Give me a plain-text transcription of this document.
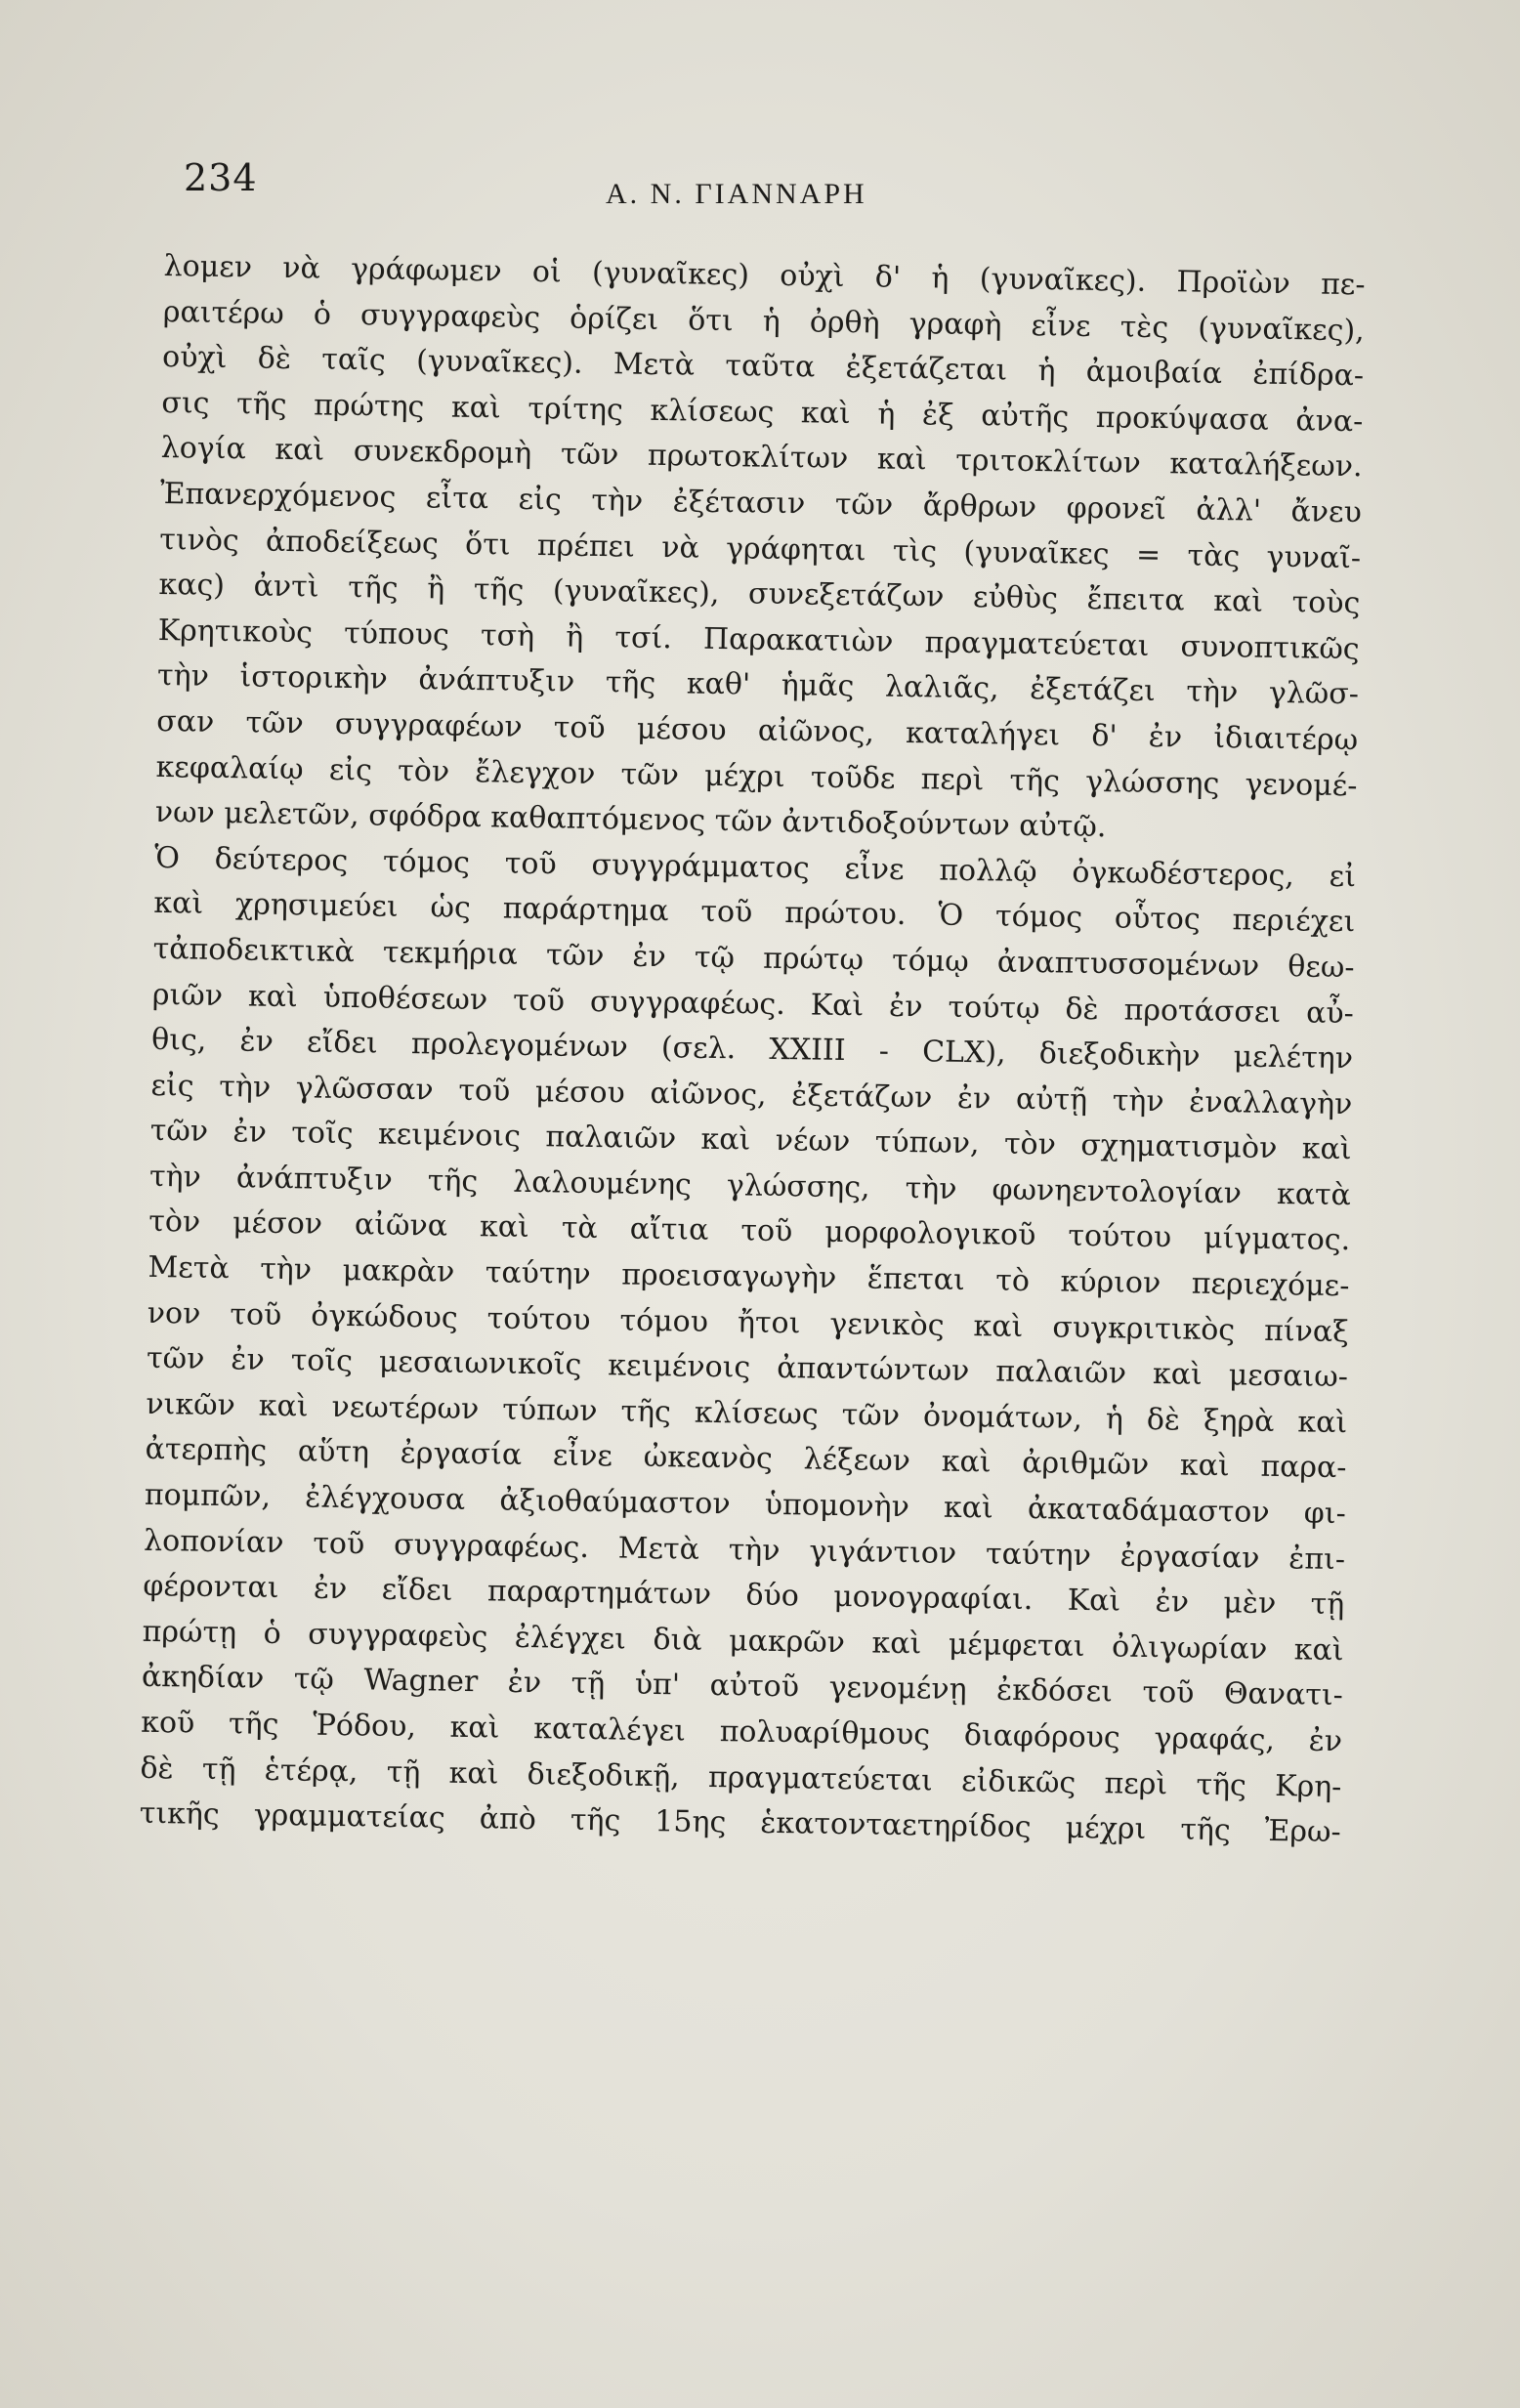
234	Α. Ν. ΓΙΑΝΝΑΡΗ
λομεν νὰ γράφωμεν οἱ (γυναῖκες) οὐχὶ δ' ἡ (γυναῖκες). Προϊὼν πε-
ραιτέρω ὁ συγγραφεὺς ὁρίζει ὅτι ἡ ὀρθὴ γραφὴ εἶνε τὲς (γυναῖκες),
οὐχὶ δὲ ταῖς (γυναῖκες). Μετὰ ταῦτα ἐξετάζεται ἡ ἀμοιβαία ἐπίδρα-
σις τῆς πρώτης καὶ τρίτης κλίσεως καὶ ἡ ἐξ αὐτῆς προκύψασα ἀνα-
λογία καὶ συνεκδρομὴ τῶν πρωτοκλίτων καὶ τριτοκλίτων καταλήξεων.
Ἐπανερχόμενος εἶτα εἰς τὴν ἐξέτασιν τῶν ἄρθρων φρονεῖ ἀλλ' ἄνευ
τινὸς ἀποδείξεως ὅτι πρέπει νὰ γράφηται τὶς (γυναῖκες = τὰς γυναῖ-
κας) ἀντὶ τῆς ἢ τῆς (γυναῖκες), συνεξετάζων εὐθὺς ἔπειτα καὶ τοὺς
Κρητικοὺς τύπους τσὴ ἢ τσί. Παρακατιὼν πραγματεύεται συνοπτικῶς
τὴν ἱστορικὴν ἀνάπτυξιν τῆς καθ' ἡμᾶς λαλιᾶς, ἐξετάζει τὴν γλῶσ-
σαν τῶν συγγραφέων τοῦ μέσου αἰῶνος, καταλήγει δ' ἐν ἰδιαιτέρῳ
κεφαλαίῳ εἰς τὸν ἔλεγχον τῶν μέχρι τοῦδε περὶ τῆς γλώσσης γενομέ-
νων μελετῶν, σφόδρα καθαπτόμενος τῶν ἀντιδοξούντων αὐτῷ.
Ὁ δεύτερος τόμος τοῦ συγγράμματος εἶνε πολλῷ ὀγκωδέστερος, εἰ
καὶ χρησιμεύει ὡς παράρτημα τοῦ πρώτου. Ὁ τόμος οὗτος περιέχει
τἀποδεικτικὰ τεκμήρια τῶν ἐν τῷ πρώτῳ τόμῳ ἀναπτυσσομένων θεω-
ριῶν καὶ ὑποθέσεων τοῦ συγγραφέως. Καὶ ἐν τούτῳ δὲ προτάσσει αὖ-
θις, ἐν εἴδει προλεγομένων (σελ. XXIII - CLX), διεξοδικὴν μελέτην
εἰς τὴν γλῶσσαν τοῦ μέσου αἰῶνος, ἐξετάζων ἐν αὐτῇ τὴν ἐναλλαγὴν
τῶν ἐν τοῖς κειμένοις παλαιῶν καὶ νέων τύπων, τὸν σχηματισμὸν καὶ
τὴν ἀνάπτυξιν τῆς λαλουμένης γλώσσης, τὴν φωνηεντολογίαν κατὰ
τὸν μέσον αἰῶνα καὶ τὰ αἴτια τοῦ μορφολογικοῦ τούτου μίγματος.
Μετὰ τὴν μακρὰν ταύτην προεισαγωγὴν ἕπεται τὸ κύριον περιεχόμε-
νον τοῦ ὀγκώδους τούτου τόμου ἤτοι γενικὸς καὶ συγκριτικὸς πίναξ
τῶν ἐν τοῖς μεσαιωνικοῖς κειμένοις ἀπαντώντων παλαιῶν καὶ μεσαιω-
νικῶν καὶ νεωτέρων τύπων τῆς κλίσεως τῶν ὀνομάτων, ἡ δὲ ξηρὰ καὶ
ἀτερπὴς αὕτη ἐργασία εἶνε ὠκεανὸς λέξεων καὶ ἀριθμῶν καὶ παρα-
πομπῶν, ἐλέγχουσα ἀξιοθαύμαστον ὑπομονὴν καὶ ἀκαταδάμαστον φι-
λοπονίαν τοῦ συγγραφέως. Μετὰ τὴν γιγάντιον ταύτην ἐργασίαν ἐπι-
φέρονται ἐν εἴδει παραρτημάτων δύο μονογραφίαι. Καὶ ἐν μὲν τῇ
πρώτῃ ὁ συγγραφεὺς ἐλέγχει διὰ μακρῶν καὶ μέμφεται ὀλιγωρίαν καὶ
ἀκηδίαν τῷ Wagner ἐν τῇ ὑπ' αὐτοῦ γενομένῃ ἐκδόσει τοῦ Θανατι-
κοῦ τῆς Ῥόδου, καὶ καταλέγει πολυαρίθμους διαφόρους γραφάς, ἐν
δὲ τῇ ἑτέρᾳ, τῇ καὶ διεξοδικῇ, πραγματεύεται εἰδικῶς περὶ τῆς Κρη-
τικῆς γραμματείας ἀπὸ τῆς 15ης ἑκατονταετηρίδος μέχρι τῆς Ἐρω-
